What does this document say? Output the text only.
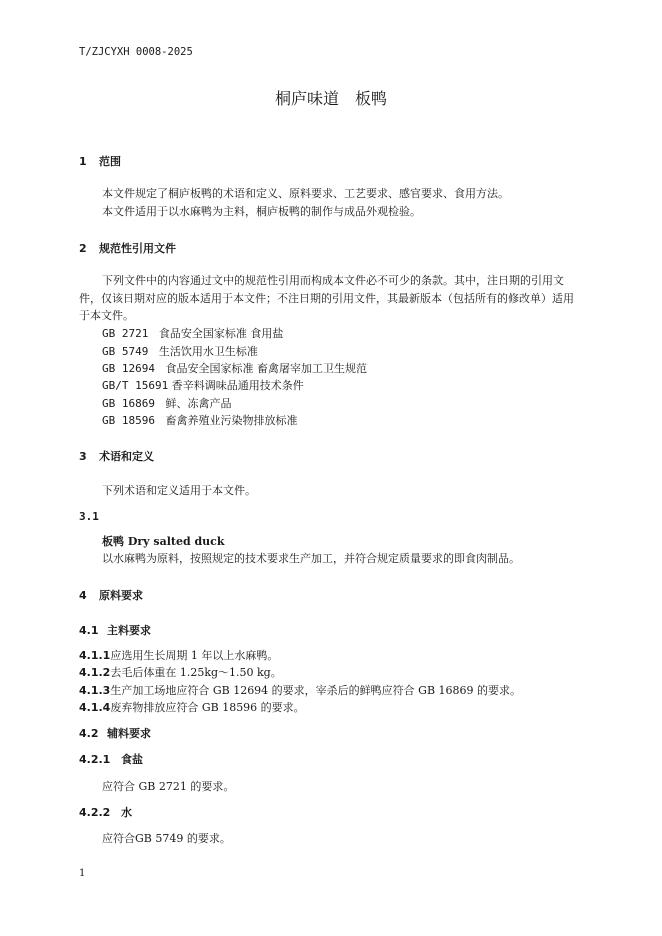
T/ZJCYXH 0008-2025
桐庐味道　板鸭
1 范围
本文件规定了桐庐板鸭的术语和定义、原料要求、工艺要求、感官要求、食用方法。
本文件适用于以水麻鸭为主料，桐庐板鸭的制作与成品外观检验。
2 规范性引用文件
下列文件中的内容通过文中的规范性引用而构成本文件必不可少的条款。其中，注日期的引用文件，仅该日期对应的版本适用于本文件；不注日期的引用文件，其最新版本（包括所有的修改单）适用于本文件。
GB 2721 食品安全国家标准 食用盐
GB 5749 生活饮用水卫生标准
GB 12694 食品安全国家标准 畜禽屠宰加工卫生规范
GB/T 15691 香辛料调味品通用技术条件
GB 16869 鲜、冻禽产品
GB 18596 畜禽养殖业污染物排放标准
3 术语和定义
下列术语和定义适用于本文件。
3.1
板鸭 Dry salted duck
以水麻鸭为原料，按照规定的技术要求生产加工，并符合规定质量要求的即食肉制品。
4 原料要求
4.1 主料要求
4.1.1应选用生长周期 1 年以上水麻鸭。
4.1.2去毛后体重在 1.25kg～1.50 kg。
4.1.3生产加工场地应符合 GB 12694 的要求，宰杀后的鲜鸭应符合 GB 16869 的要求。
4.1.4废弃物排放应符合 GB 18596 的要求。
4.2 辅料要求
4.2.1 食盐
应符合 GB 2721 的要求。
4.2.2 水
应符合GB 5749 的要求。
1
